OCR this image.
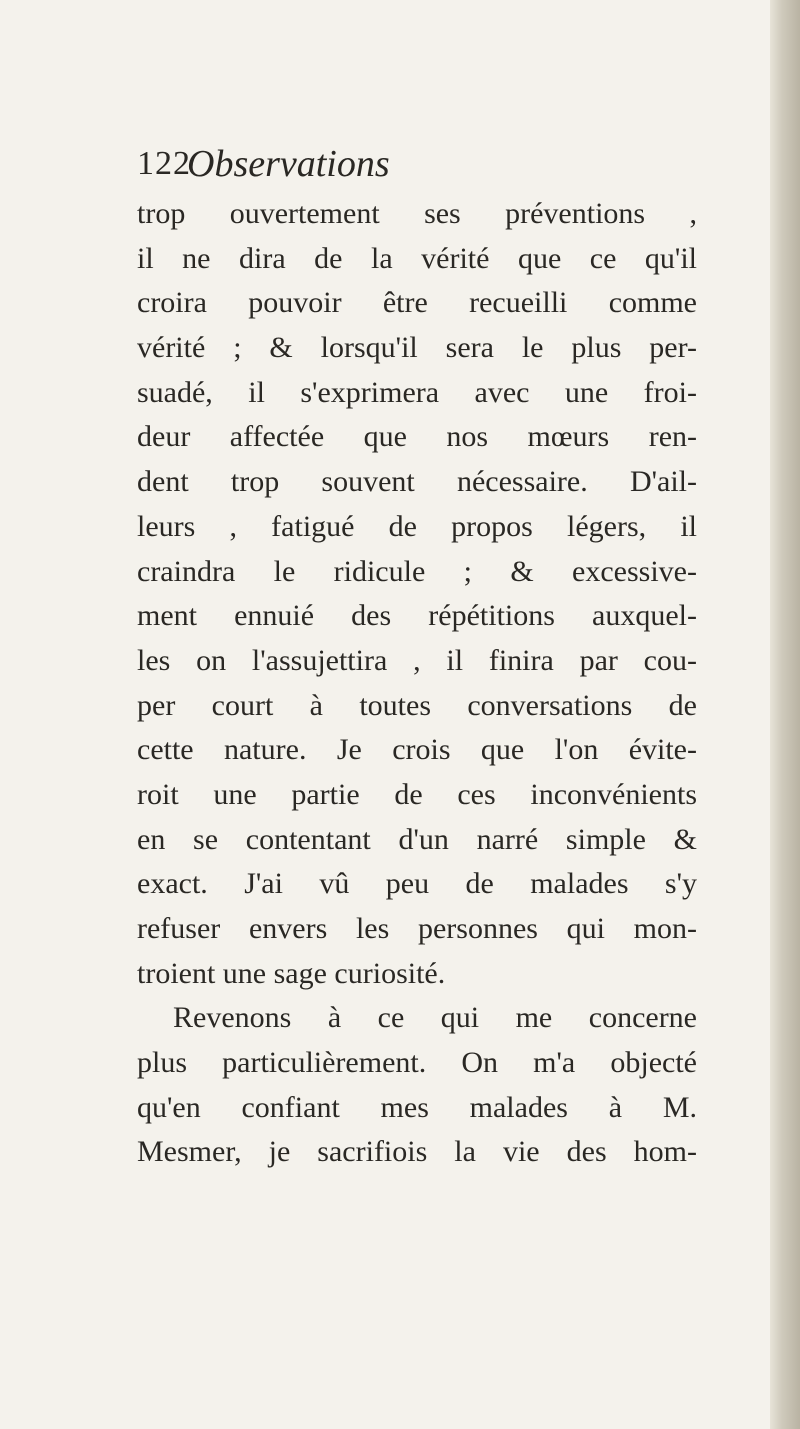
122
Observations
trop ouvertement ses préventions ,
il ne dira de la vérité que ce qu'il
croira pouvoir être recueilli comme
vérité ; & lorsqu'il sera le plus per-
suadé, il s'exprimera avec une froi-
deur affectée que nos mœurs ren-
dent trop souvent nécessaire. D'ail-
leurs , fatigué de propos légers, il
craindra le ridicule ; & excessive-
ment ennuié des répétitions auxquel-
les on l'assujettira , il finira par cou-
per court à toutes conversations de
cette nature. Je crois que l'on évite-
roit une partie de ces inconvénients
en se contentant d'un narré simple &
exact. J'ai vû peu de malades s'y
refuser envers les personnes qui mon-
troient une sage curiosité.
Revenons à ce qui me concerne
plus particulièrement. On m'a objecté
qu'en confiant mes malades à M.
Mesmer, je sacrifiois la vie des hom-
